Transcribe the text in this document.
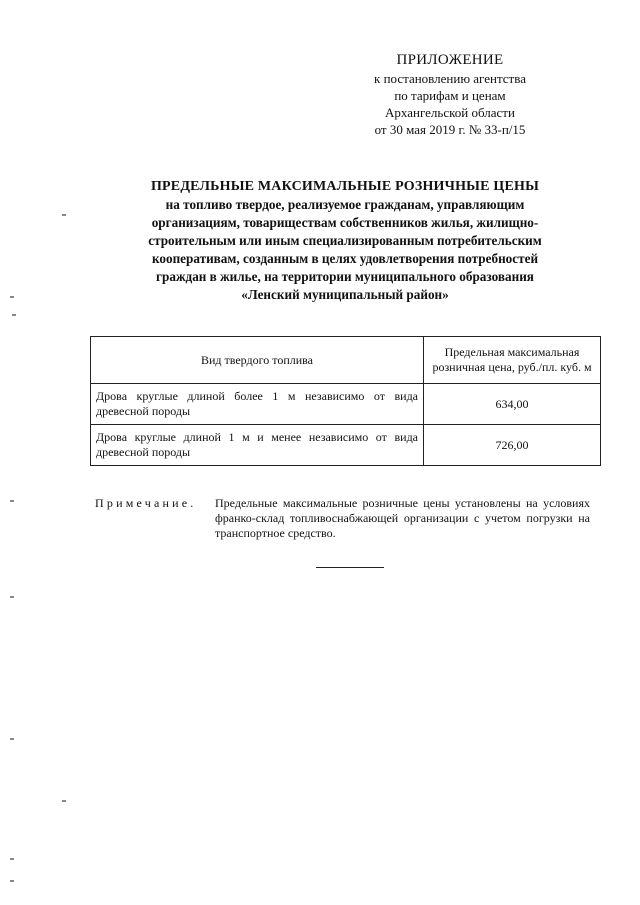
ПРИЛОЖЕНИЕ
к постановлению агентства
по тарифам и ценам
Архангельской области
от 30 мая 2019 г. № 33-п/15
ПРЕДЕЛЬНЫЕ МАКСИМАЛЬНЫЕ РОЗНИЧНЫЕ ЦЕНЫ
на топливо твердое, реализуемое гражданам, управляющим
организациям, товариществам собственников жилья, жилищно-
строительным или иным специализированным потребительским
кооперативам, созданным в целях удовлетворения потребностей
граждан в жилье, на территории муниципального образования
«Ленский муниципальный район»
Вид твердого топлива	Предельная максимальная розничная цена, руб./пл. куб. м
Дрова круглые длиной более 1 м независимо от вида древесной породы	634,00
Дрова круглые длиной 1 м и менее независимо от вида древесной породы	726,00
Примечание. Предельные максимальные розничные цены установлены на условиях франко-склад топливоснабжающей организации с учетом погрузки на транспортное средство.
